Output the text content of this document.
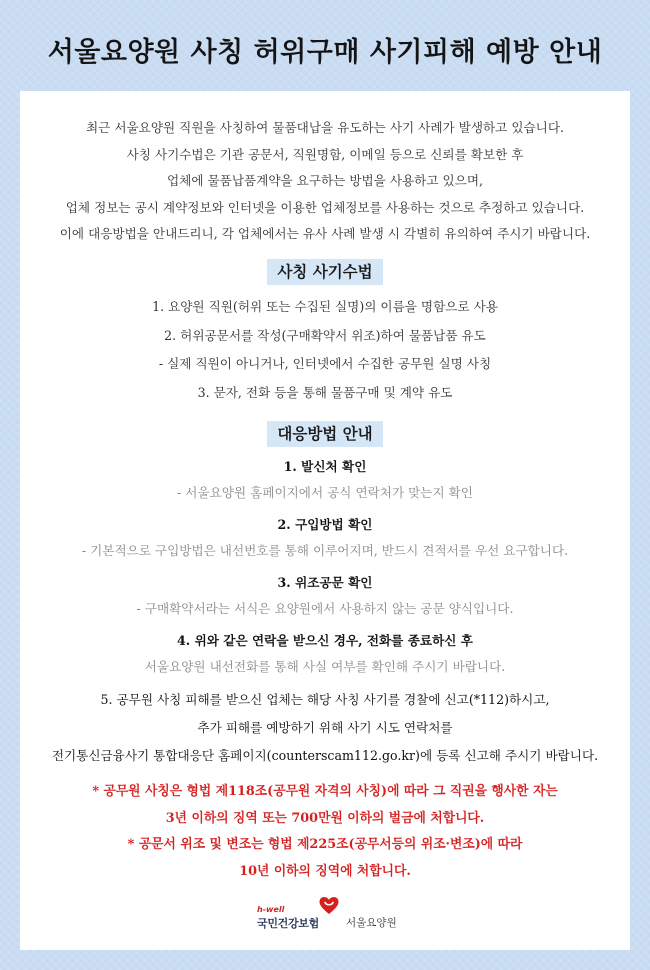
서울요양원 사칭 허위구매 사기피해 예방 안내

최근 서울요양원 직원을 사칭하여 물품대납을 유도하는 사기 사례가 발생하고 있습니다.

사칭 사기수법은 기관 공문서, 직원명함, 이메일 등으로 신뢰를 확보한 후

업체에 물품납품계약을 요구하는 방법을 사용하고 있으며,

업체 정보는 공시 계약정보와 인터넷을 이용한 업체정보를 사용하는 것으로 추정하고 있습니다.

이에 대응방법을 안내드리니, 각 업체에서는 유사 사례 발생 시 각별히 유의하여 주시기 바랍니다.

사칭 사기수법

1. 요양원 직원(허위 또는 수집된 실명)의 이름을 명함으로 사용

2. 허위공문서를 작성(구매확약서 위조)하여 물품납품 유도

- 실제 직원이 아니거나, 인터넷에서 수집한 공무원 실명 사칭

3. 문자, 전화 등을 통해 물품구매 및 계약 유도

대응방법 안내

1. 발신처 확인

- 서울요양원 홈페이지에서 공식 연락처가 맞는지 확인

2. 구입방법 확인

- 기본적으로 구입방법은 내선번호를 통해 이루어지며, 반드시 견적서를 우선 요구합니다.

3. 위조공문 확인

- 구매확약서라는 서식은 요양원에서 사용하지 않는 공문 양식입니다.

4. 위와 같은 연락을 받으신 경우, 전화를 종료하신 후

서울요양원 내선전화를 통해 사실 여부를 확인해 주시기 바랍니다.

5. 공무원 사칭 피해를 받으신 업체는 해당 사칭 사기를 경찰에 신고(*112)하시고,

추가 피해를 예방하기 위해 사기 시도 연락처를

전기통신금융사기 통합대응단 홈페이지(counterscam112.go.kr)에 등록 신고해 주시기 바랍니다.

* 공무원 사칭은 형법 제118조(공무원 자격의 사칭)에 따라 그 직권을 행사한 자는

3년 이하의 징역 또는 700만원 이하의 벌금에 처합니다.

* 공문서 위조 및 변조는 형법 제225조(공무서등의 위조·변조)에 따라

10년 이하의 징역에 처합니다.

h-well
국민건강보험	서울요양원
